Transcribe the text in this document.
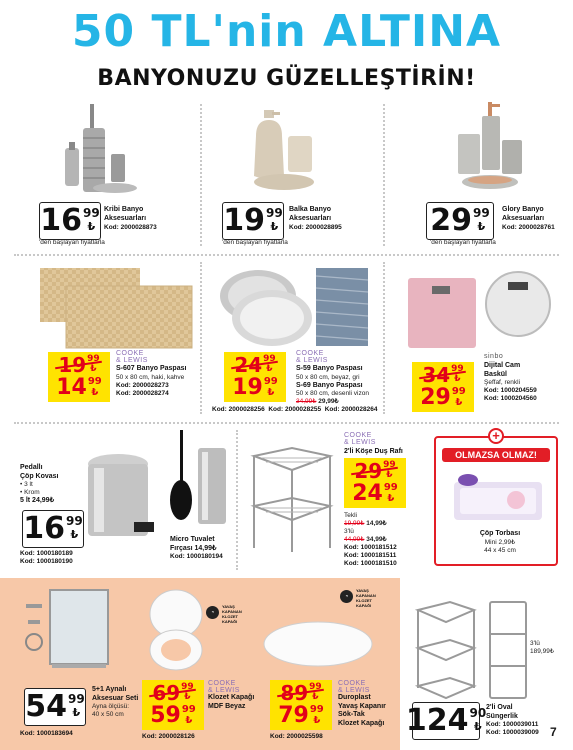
50 TL'nin ALTINA
BANYONUZU GÜZELLEŞTİRİN!
16 99
₺
'den başlayan fiyatlarla
Kribi Banyo Aksesuarları
Kod: 2000028873 19 99
₺
'den başlayan fiyatlarla
Balka Banyo Aksesuarları
Kod: 2000028895	29 99
₺
'den başlayan fiyatlarla
Glory Banyo Aksesuarları
Kod: 2000028761
19 99
₺
14 99
₺
COOKE
& LEWIS
S-607 Banyo Paspası
50 x 80 cm, haki, kahve
Kod: 2000028273
Kod: 2000028274
24 99
₺
19 99
₺
COOKE
& LEWIS
S-59 Banyo Paspası
50 x 80 cm, beyaz, gri
S-69 Banyo Paspası
50 x 80 cm, desenli vizon
34,99₺ 29,99₺
Kod: 2000028256  Kod: 2000028255  Kod: 2000028264
34 99
₺
29 99
₺
sinbo
Dijital Cam
Baskül
Şeffaf, renkli
Kod: 1000204559
Kod: 1000204560
Pedallı
Çöp Kovası
• 3 lt
• Krom
5 lt 24,99₺
16 99
₺
Kod: 1000180189
Kod: 1000180190
Micro Tuvalet
Fırçası 14,99₺
Kod: 1000180194
COOKE
& LEWIS
2'li Köşe Duş Rafı
29 99
₺
24 99
₺
Tekli
19,99₺ 14,99₺
3'lü
44,99₺ 34,99₺
Kod: 1000181512
Kod: 1000181511
Kod: 1000181510
+
OLMAZSA OLMAZ!
Çöp Torbası
Mini 2,99₺
44 x 45 cm
54 99
₺
5+1 Aynalı
Aksesuar Seti
Ayna ölçüsü:
40 x 50 cm
Kod: 1000183694
◔
YAVAŞ
KAPANAN
KLOZET
KAPAĞI
69 99
₺
59 99
₺
COOKE
& LEWIS
Klozet Kapağı
MDF Beyaz
Kod: 2000028126
◔
YAVAŞ
KAPANAN
KLOZET
KAPAĞI
89 99
₺
79 99
₺
COOKE
& LEWIS
Duroplast
Yavaş Kapanır
Sök-Tak
Klozet Kapağı
Kod: 2000025598
3'lü
189,99₺
124 90
₺
2'li Oval
Süngerlik
Kod: 1000039011
Kod: 1000039009 7
